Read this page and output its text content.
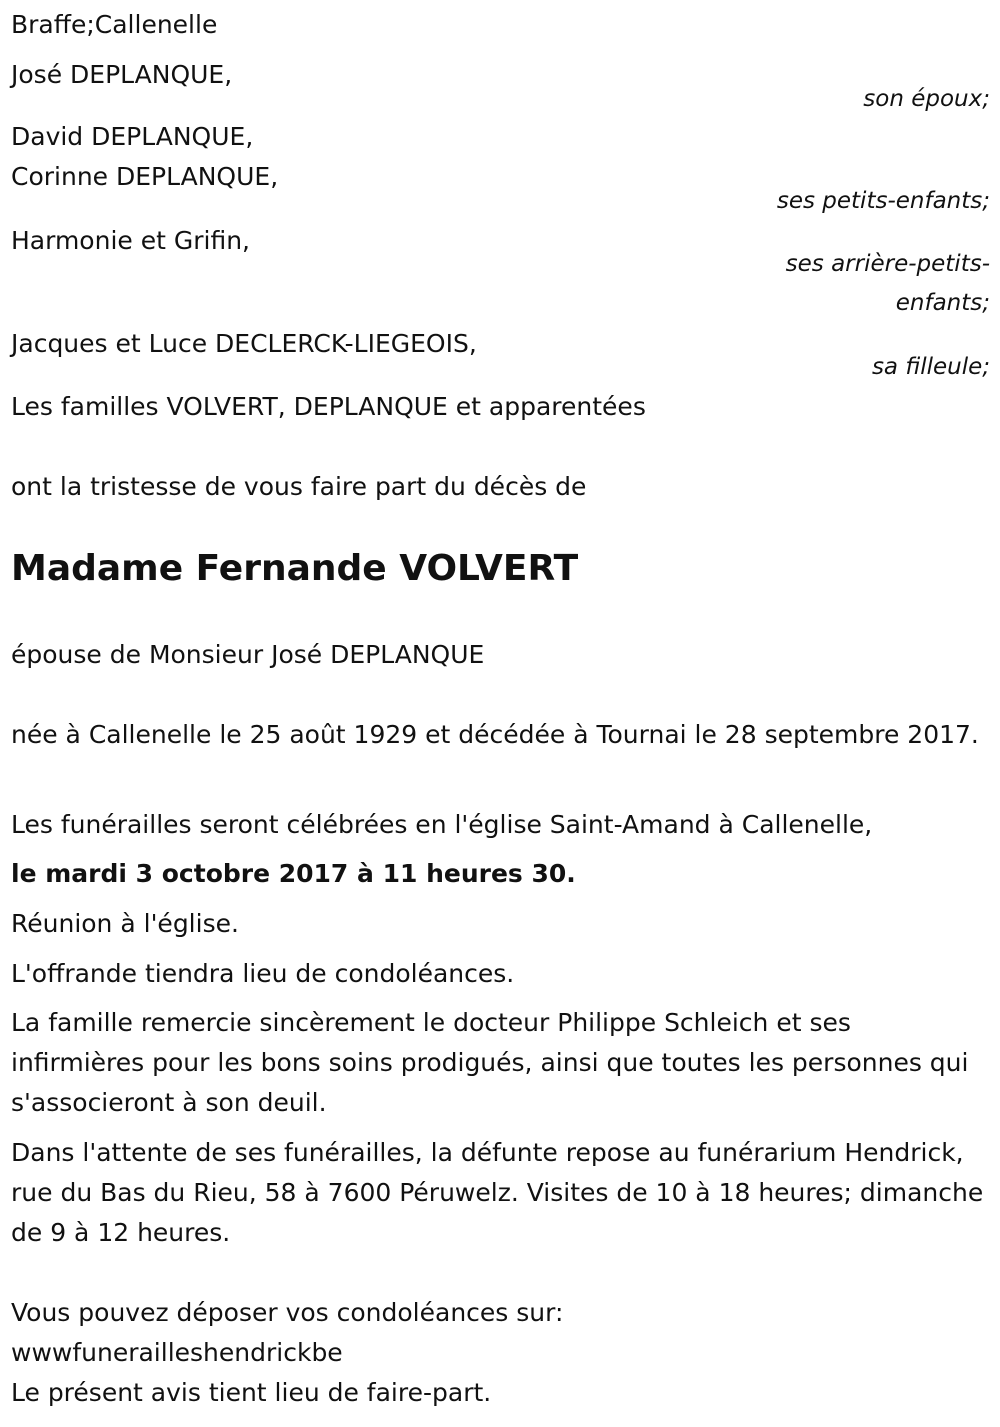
Braffe;Callenelle

José DEPLANQUE,

son époux;

David DEPLANQUE,

Corinne DEPLANQUE,

ses petits-enfants;

Harmonie et Grifin,

ses arrière-petits-

enfants;

Jacques et Luce DECLERCK-LIEGEOIS,

sa filleule;

Les familles VOLVERT, DEPLANQUE et apparentées

ont la tristesse de vous faire part du décès de

Madame Fernande VOLVERT

épouse de Monsieur José DEPLANQUE

née à Callenelle le 25 août 1929 et décédée à Tournai le 28 septembre 2017.

Les funérailles seront célébrées en l'église Saint-Amand à Callenelle,

le mardi 3 octobre 2017 à 11 heures 30.

Réunion à l'église.

L'offrande tiendra lieu de condoléances.

La famille remercie sincèrement le docteur Philippe Schleich et ses infirmières pour les bons soins prodigués, ainsi que toutes les personnes qui s'associeront à son deuil.

Dans l'attente de ses funérailles, la défunte repose au funérarium Hendrick, rue du Bas du Rieu, 58 à 7600 Péruwelz. Visites de 10 à 18 heures; dimanche de 9 à 12 heures.

Vous pouvez déposer vos condoléances sur:

wwwfunerailleshendrickbe

Le présent avis tient lieu de faire-part.
